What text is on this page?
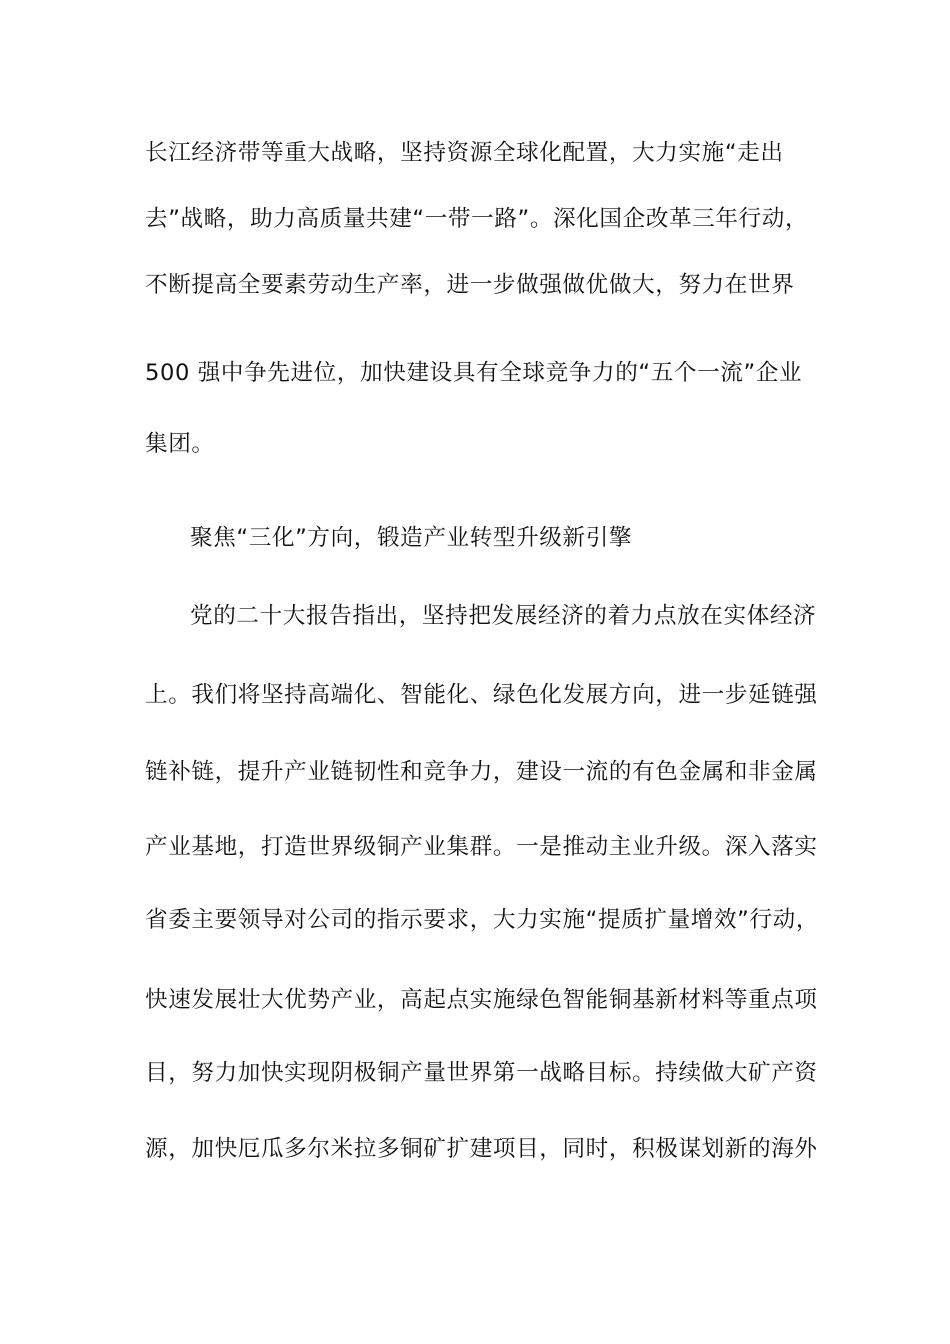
长江经济带等重大战略，坚持资源全球化配置，大力实施“走出
去”战略，助力高质量共建“一带一路”。深化国企改革三年行动，
不断提高全要素劳动生产率，进一步做强做优做大，努力在世界
500 强中争先进位，加快建设具有全球竞争力的“五个一流”企业
集团。
聚焦“三化”方向，锻造产业转型升级新引擎
党的二十大报告指出，坚持把发展经济的着力点放在实体经济
上。我们将坚持高端化、智能化、绿色化发展方向，进一步延链强
链补链，提升产业链韧性和竞争力，建设一流的有色金属和非金属
产业基地，打造世界级铜产业集群。一是推动主业升级。深入落实
省委主要领导对公司的指示要求，大力实施“提质扩量增效”行动，
快速发展壮大优势产业，高起点实施绿色智能铜基新材料等重点项
目，努力加快实现阴极铜产量世界第一战略目标。持续做大矿产资
源，加快厄瓜多尔米拉多铜矿扩建项目，同时，积极谋划新的海外
